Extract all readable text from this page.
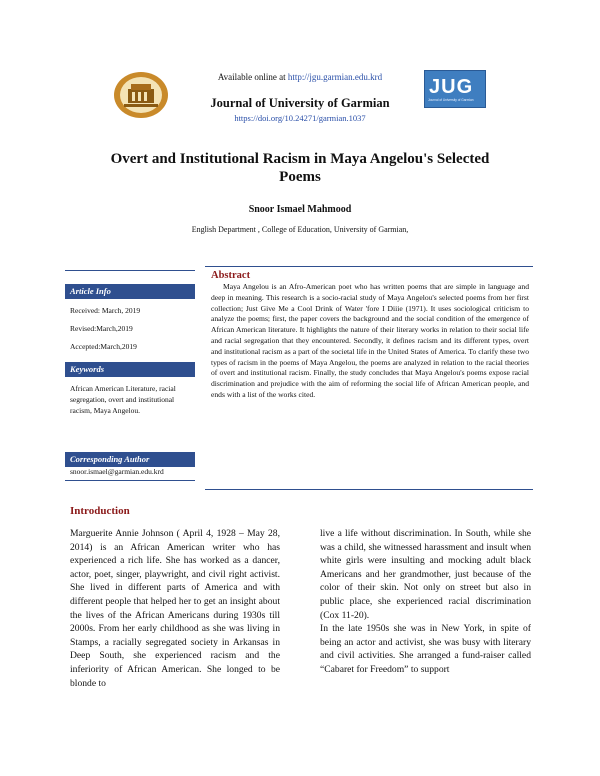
JUG
Journal of University of Garmian
Available online at http://jgu.garmian.edu.krd
Journal of University of Garmian
https://doi.org/10.24271/garmian.1037
Overt and Institutional Racism in Maya Angelou's Selected Poems
Snoor Ismael Mahmood
English Department , College of Education, University of Garmian,
Article Info
Received: March, 2019
Revised:March,2019
Accepted:March,2019
Keywords
African American Literature, racial segregation, overt and institutional racism, Maya Angelou.
Corresponding Author
snoor.ismael@garmian.edu.krd
Abstract

Maya Angelou is an Afro-American poet who has written poems that are simple in language and deep in meaning. This research is a socio-racial study of Maya Angelou's selected poems from her first collection; Just Give Me a Cool Drink of Water 'fore I Diiie (1971). It uses sociological criticism to analyze the poems; first, the paper covers the background and the social condition of the emergence of African American literature. It highlights the nature of their literary works in relation to their social life and racial segregation that they encountered. Secondly, it defines racism and its different types, overt and institutional racism as a part of the societal life in the United States of America. To clarify these two types of racism in the poems of Maya Angelou, the poems are analyzed in relation to the racial theories of overt and institutional racism. Finally, the study concludes that Maya Angelou's poems expose racial discrimination and prejudice with the aim of reforming the social life of African American people, and ends with a list of the works cited.

Introduction

Marguerite Annie Johnson ( April 4, 1928 – May 28, 2014) is an African American writer who has experienced a rich life. She has worked as a dancer, actor, poet, singer, playwright, and civil right activist. She lived in different parts of America and with different people that helped her to get an insight about the lives of the African Americans during 1930s till 2000s. From her early childhood as she was living in Stamps, a racially segregated society in Arkansas in Deep South, she experienced racism and the inferiority of African American. She longed to be blonde to

live a life without discrimination. In South, while she was a child, she witnessed harassment and insult when white girls were insulting and mocking adult black Americans and her grandmother, just because of the color of their skin. Not only on street but also in public place, she experienced racial discrimination (Cox 11-20).

In the late 1950s she was in New York, in spite of being an actor and activist, she was busy with literary and civil activities. She arranged a fund-raiser called “Cabaret for Freedom” to support
